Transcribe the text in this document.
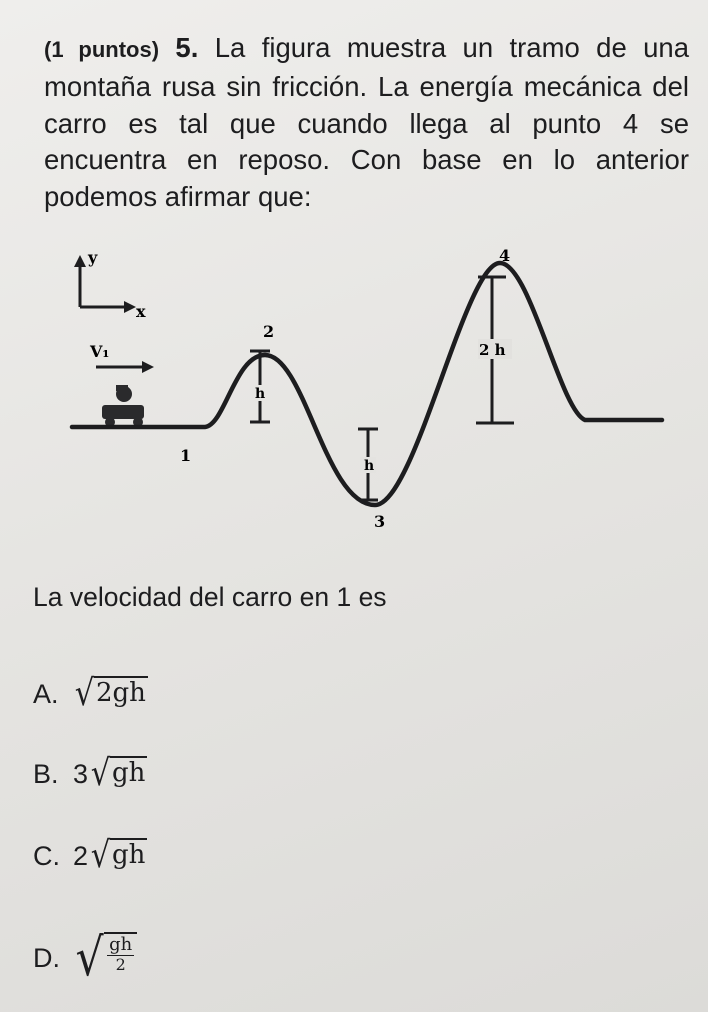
(1 puntos) 5. La figura muestra un tramo de una montaña rusa sin fricción. La energía mecánica del carro es tal que cuando llega al punto 4 se encuentra en reposo. Con base en lo anterior podemos afirmar que:

y
x
V₁
1
2
3
4
h
h
2 h

La velocidad del carro en 1 es

A. √ 2gh
B. 3 √ gh
C. 2 √ gh
D. √ $\frac{gh}{2}$
